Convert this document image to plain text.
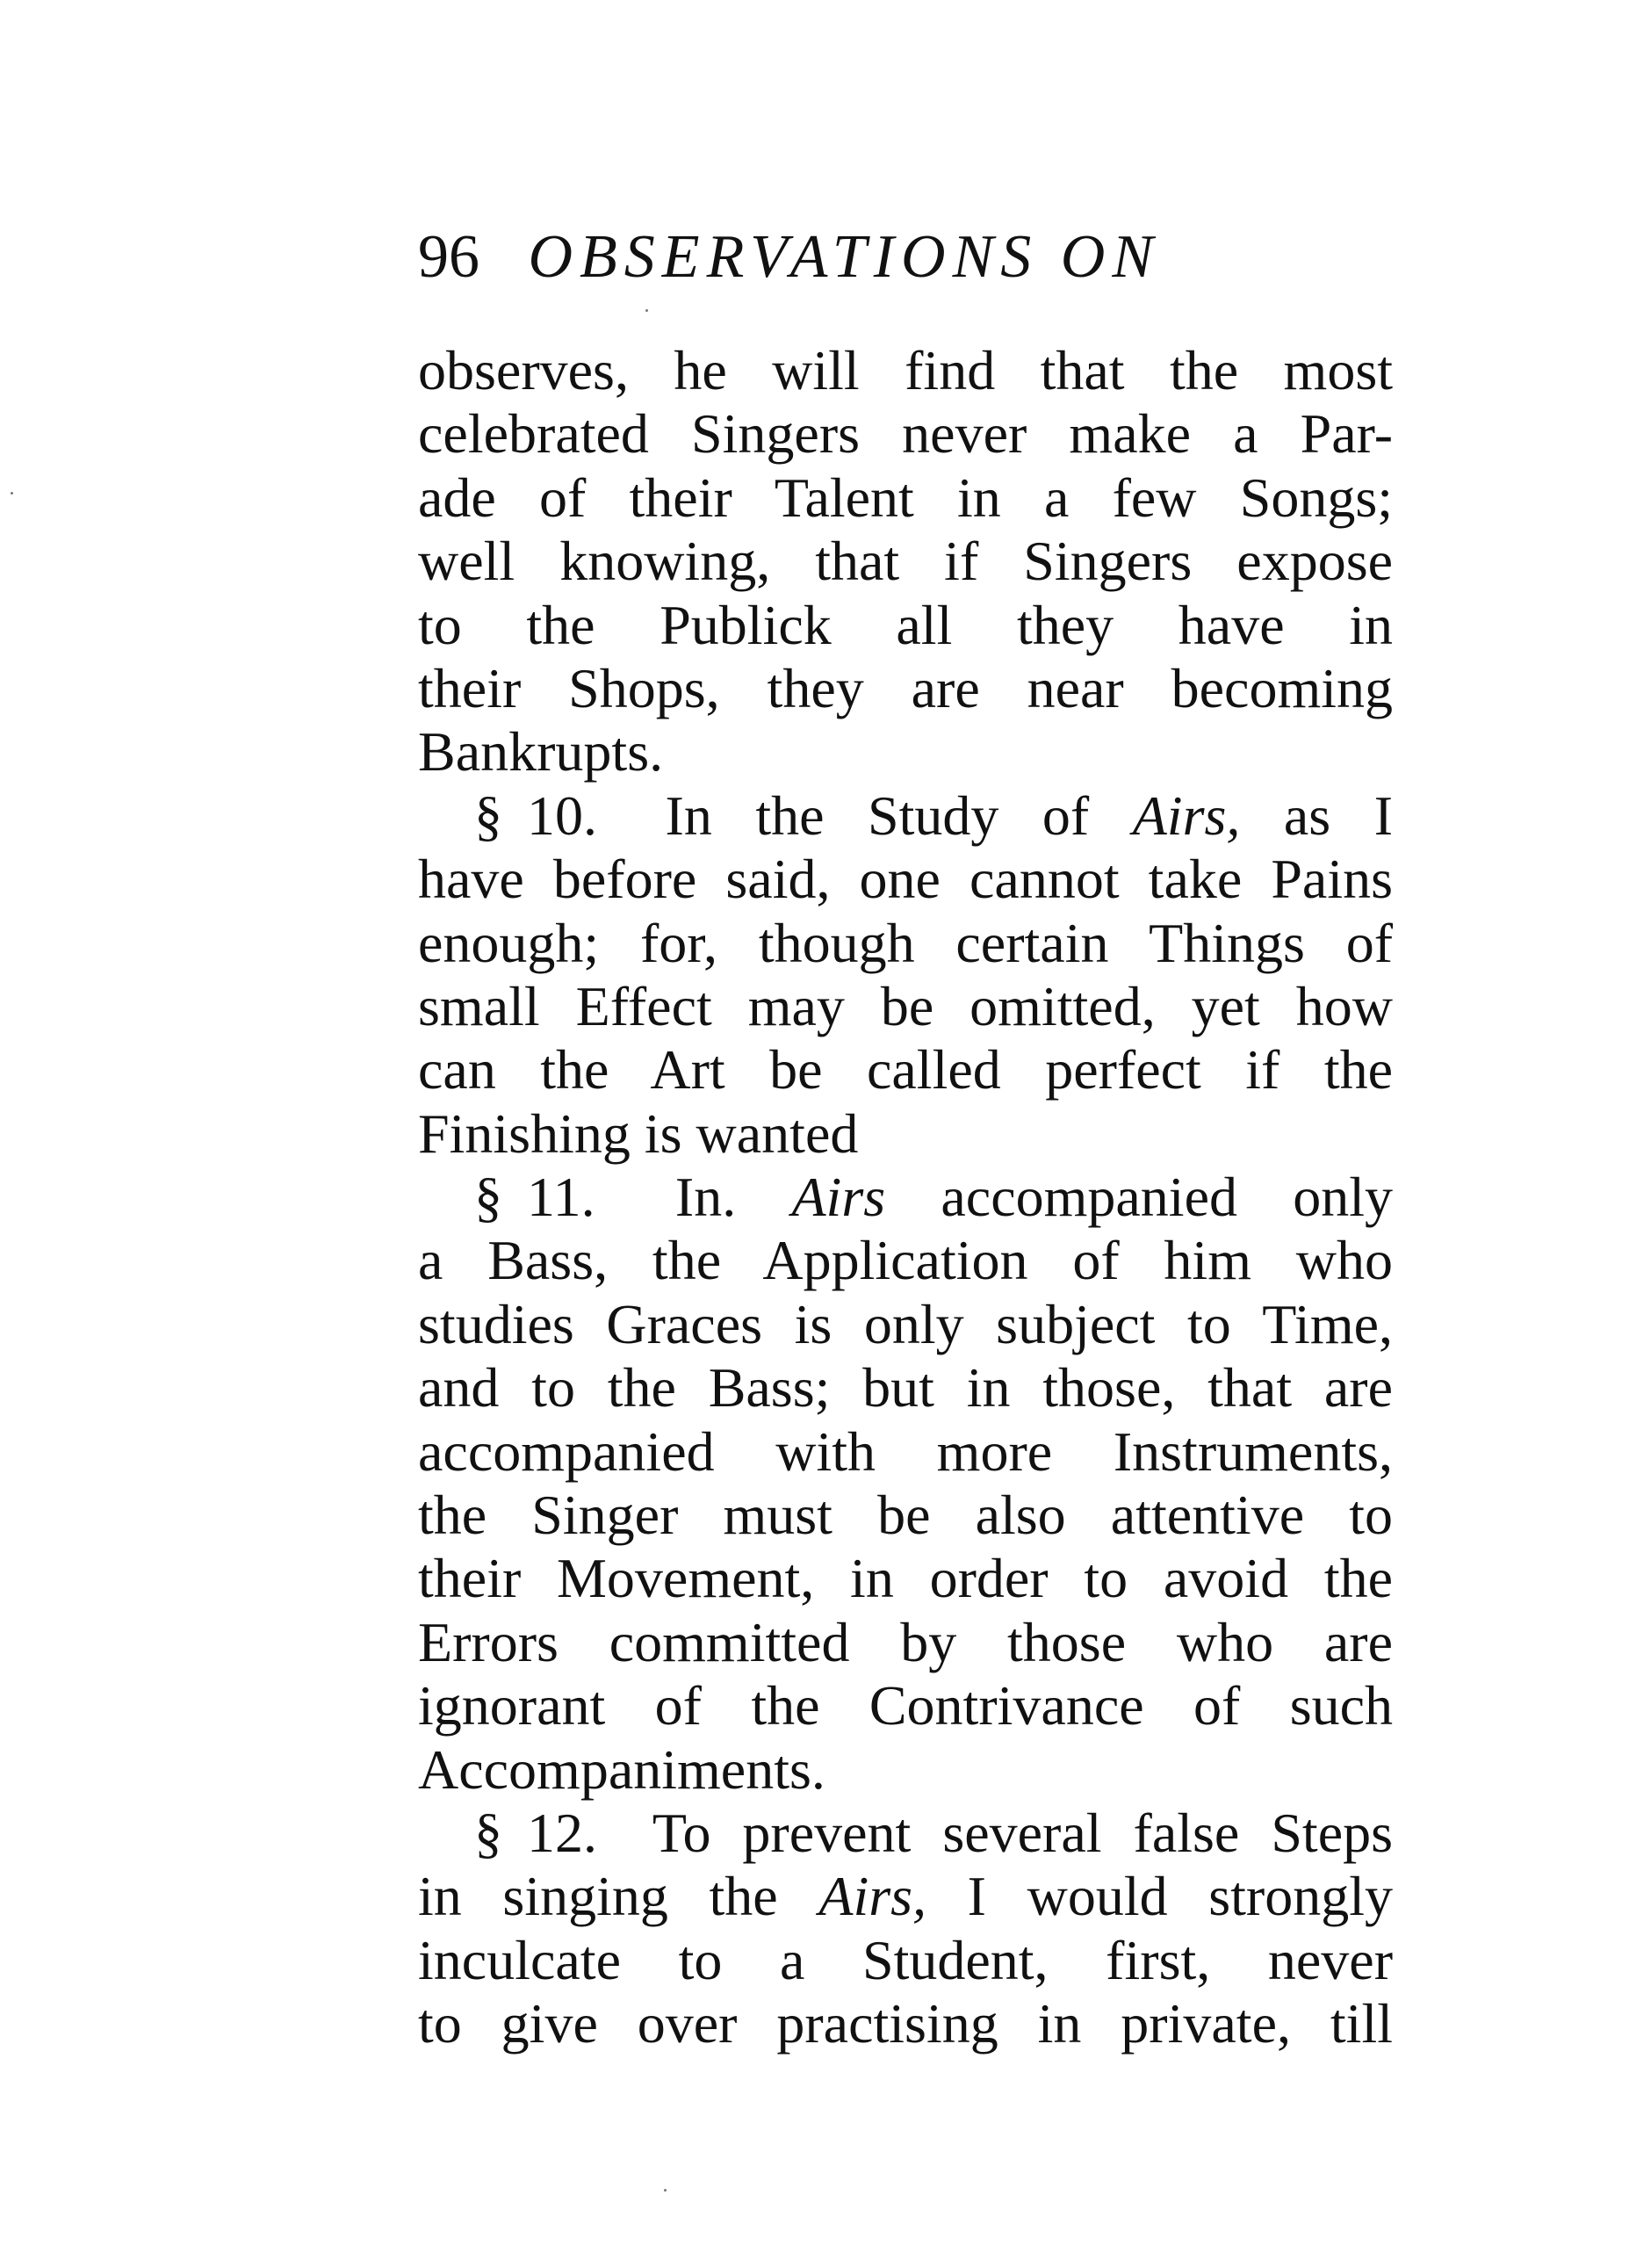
96 OBSERVATIONS ON
observes, he will find that the most
celebrated Singers never make a Par-
ade of their Talent in a few Songs;
well knowing, that if Singers expose
to the Publick all they have in
their Shops, they are near becoming
Bankrupts.
§ 10. In the Study of Airs, as I
have before said, one cannot take Pains
enough; for, though certain Things of
small Effect may be omitted, yet how
can the Art be called perfect if the
Finishing is wanted
§ 11. In. Airs accompanied only
a Bass, the Application of him who
studies Graces is only subject to Time,
and to the Bass; but in those, that are
accompanied with more Instruments,
the Singer must be also attentive to
their Movement, in order to avoid the
Errors committed by those who are
ignorant of the Contrivance of such
Accompaniments.
§ 12. To prevent several false Steps
in singing the Airs, I would strongly
inculcate to a Student, first, never
to give over practising in private, till
